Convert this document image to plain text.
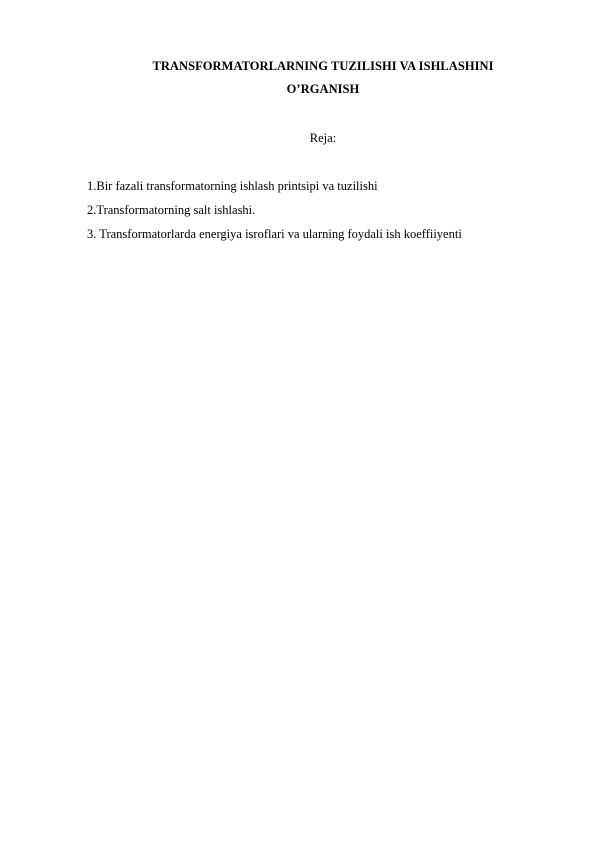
TRANSFORMATORLARNING TUZILISHI VA ISHLASHINI
O’RGANISH
Reja:
1.Bir fazali transformatorning ishlash printsipi va tuzilishi
2.Transformatorning salt ishlashi.
3. Transformatorlarda energiya isroflari va ularning foydali ish koeffiiyenti
